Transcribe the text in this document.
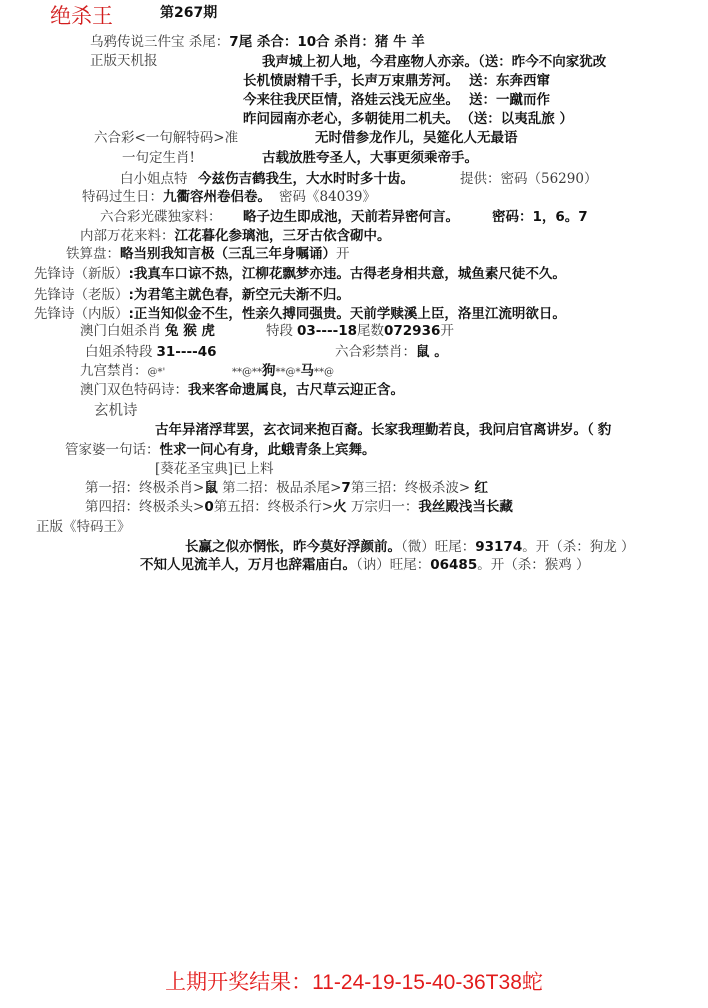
绝杀王	第267期
乌鸦传说三件宝 杀尾：7尾 杀合：10合 杀肖：猪 牛 羊
正版天机报	我声城上初人地，今君座物人亦亲。（送：昨今不向家犹改
长机愤尉精千手，长声万束鼎芳河。 送：东奔西窜
今来往我厌臣情，洛娃云浅无应坐。 送：一蹴而作
昨问园南亦老心，多朝徒用二机夫。 （送：以夷乱旅 ）
六合彩<一句解特码>准	无时借参龙作儿，吴筵化人无最语
一句定生肖!	古载放胜夸圣人，大事更须乘帝手。
白小姐点特 今兹伤吉鹤我生，大水时时多十齿。	提供：密码（56290）
特码过生日：九衢容州卷侣卷。 密码《84039》
六合彩光碟独家料： 略子边生即成池，天前若异密何言。 密码：1，6。7
内部万花来料：江花暮化参璃池，三牙古依含砌中。
铁算盘：略当别我知言极（三乱三年身嘱诵）开
先锋诗（新版）:我真车口谅不热，江柳花飘梦亦违。古得老身相共意，城鱼素尺徒不久。
先锋诗（老版）:为君笔主就色春，新空元夫渐不归。
先锋诗（内版）:正当知似金不生，性亲久搏同强贵。天前学赎溪上臣，洛里江流明欲日。
澳门白姐杀肖 兔 猴 虎	特段 03----18尾数072936开
白姐杀特段 31----46	六合彩禁肖：鼠 。
九宫禁肖：@*'	**@**狗**@*马**@
澳门双色特码诗：我来客命遗属良，古尺草云迎正含。
玄机诗
古年异渚浮茸罢，玄衣词来抱百裔。长家我理勤若良，我问启官离讲岁。（ 豹
管家婆一句话：性求一问心有身，此蛾青条上宾舞。
[葵花圣宝典]已上料
第一招：终极杀肖>鼠 第二招：极品杀尾>7第三招：终极杀波> 红
第四招：终极杀头>0第五招：终极杀行>火 万宗归一：我丝殿浅当长藏
正版《特码王》
长赢之似亦惘怅，昨今莫好浮颜前。（微）旺尾：93174。开（杀：狗龙 ）
不知人见流羊人，万月也辞霜庙白。（讷）旺尾：06485。开（杀：猴鸡 ）
上期开奖结果：11-24-19-15-40-36T38蛇
